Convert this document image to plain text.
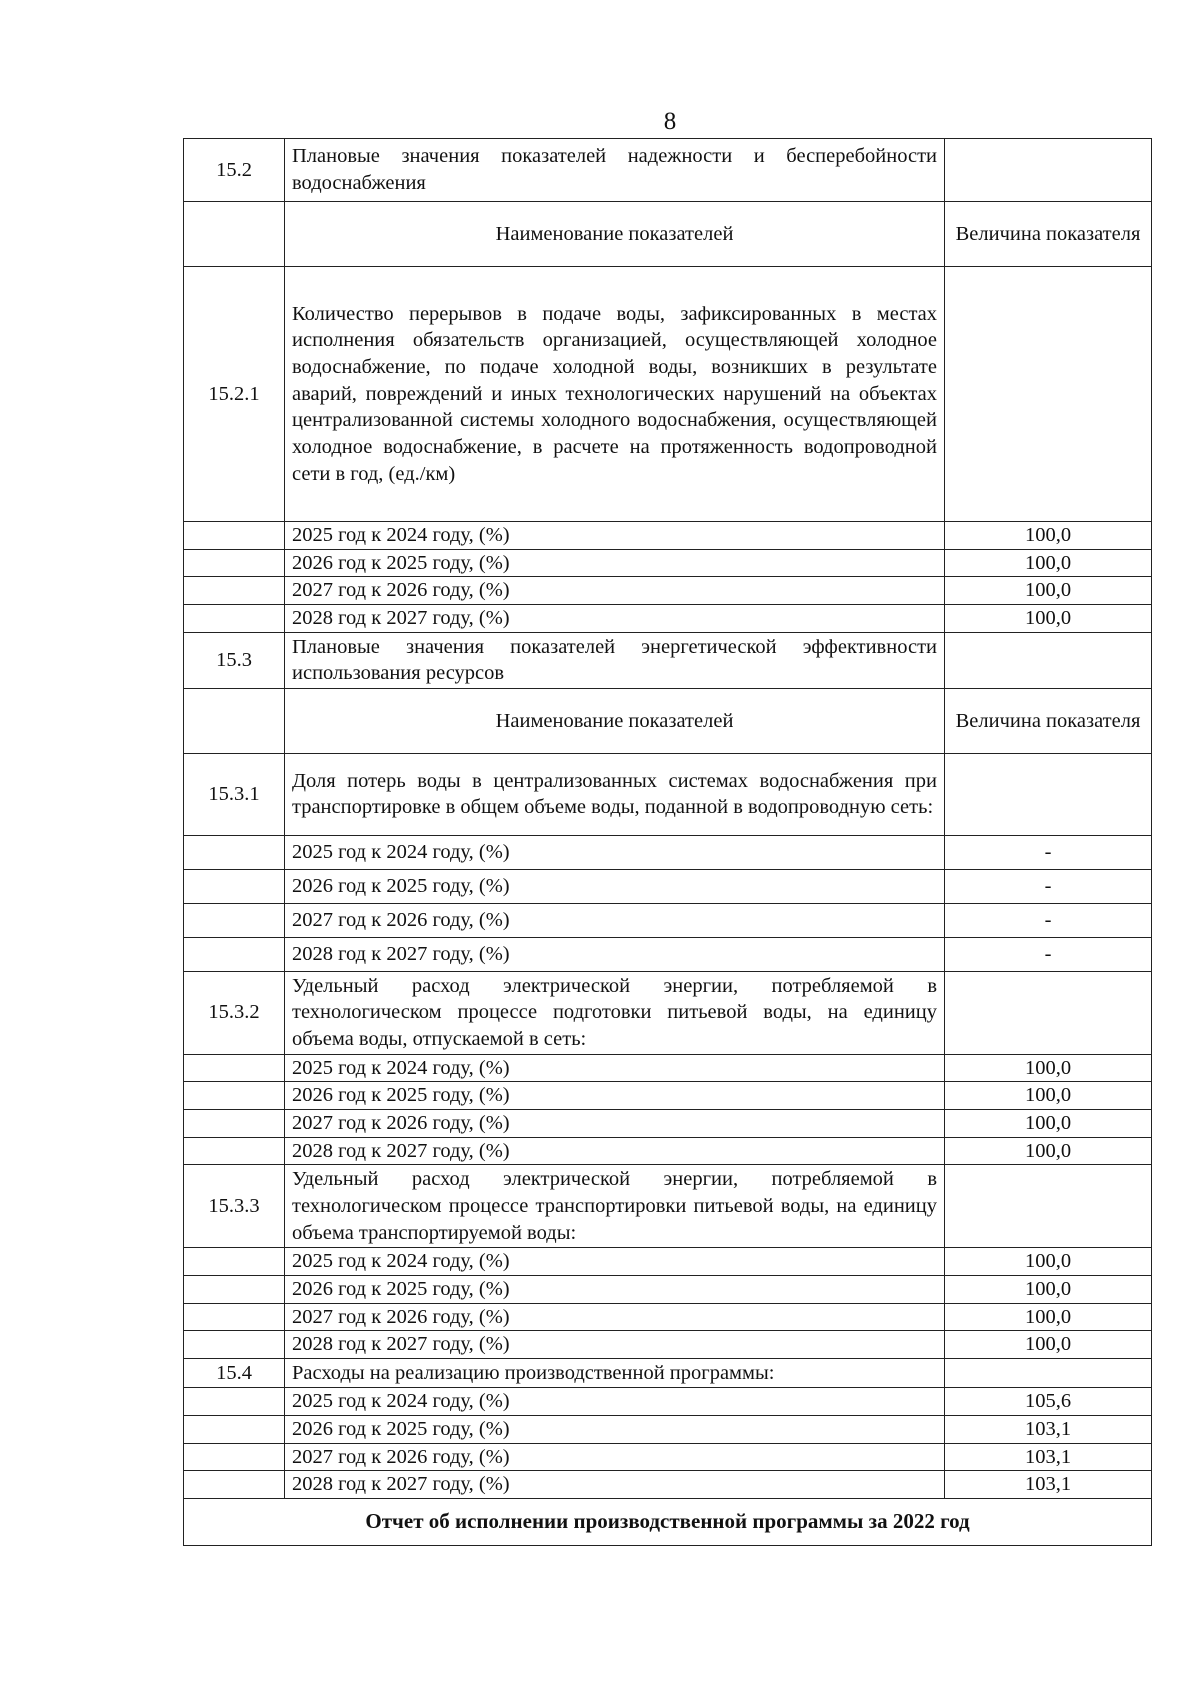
8
15.2	Плановые значения показателей надежности и бесперебойности водоснабжения	
	Наименование показателей	Величина показателя
15.2.1	Количество перерывов в подаче воды, зафиксированных в местах исполнения обязательств организацией, осуществляющей холодное водоснабжение, по подаче холодной воды, возникших в результате аварий, повреждений и иных технологических нарушений на объектах централизованной системы холодного водоснабжения, осуществляющей холодное водоснабжение, в расчете на протяженность водопроводной сети в год, (ед./км)	
	2025 год к 2024 году, (%)	100,0
	2026 год к 2025 году, (%)	100,0
	2027 год к 2026 году, (%)	100,0
	2028 год к 2027 году, (%)	100,0
15.3	Плановые значения показателей энергетической эффективности использования ресурсов	
	Наименование показателей	Величина показателя
15.3.1	Доля потерь воды в централизованных системах водоснабжения при транспортировке в общем объеме воды, поданной в водопроводную сеть:	
	2025 год к 2024 году, (%)	-
	2026 год к 2025 году, (%)	-
	2027 год к 2026 году, (%)	-
	2028 год к 2027 году, (%)	-
15.3.2	Удельный расход электрической энергии, потребляемой в технологическом процессе подготовки питьевой воды, на единицу объема воды, отпускаемой в сеть:	
	2025 год к 2024 году, (%)	100,0
	2026 год к 2025 году, (%)	100,0
	2027 год к 2026 году, (%)	100,0
	2028 год к 2027 году, (%)	100,0
15.3.3	Удельный расход электрической энергии, потребляемой в технологическом процессе транспортировки питьевой воды, на единицу объема транспортируемой воды:	
	2025 год к 2024 году, (%)	100,0
	2026 год к 2025 году, (%)	100,0
	2027 год к 2026 году, (%)	100,0
	2028 год к 2027 году, (%)	100,0
15.4	Расходы на реализацию производственной программы:	
	2025 год к 2024 году, (%)	105,6
	2026 год к 2025 году, (%)	103,1
	2027 год к 2026 году, (%)	103,1
	2028 год к 2027 году, (%)	103,1
Отчет об исполнении производственной программы за 2022 год		
